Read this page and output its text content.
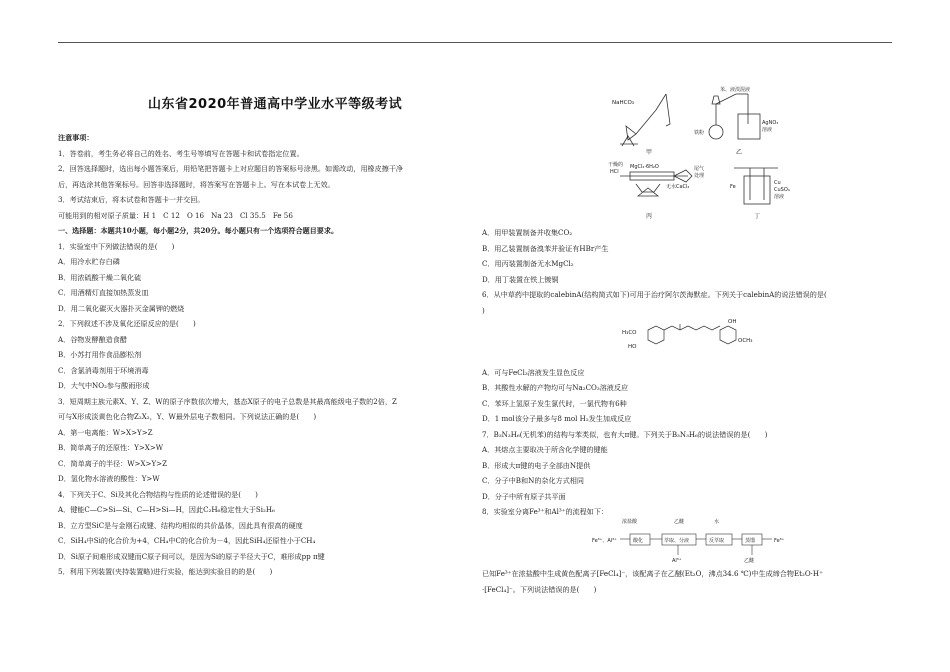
山东省2020年普通高中学业水平等级考试
注意事项：
1．答卷前，考生务必将自己的姓名、考生号等填写在答题卡和试卷指定位置。
2．回答选择题时，选出每小题答案后，用铅笔把答题卡上对应题目的答案标号涂黑。如需改动，用橡皮擦干净
后，再选涂其他答案标号。回答非选择题时，将答案写在答题卡上。写在本试卷上无效。
3．考试结束后，将本试卷和答题卡一并交回。
可能用到的相对原子质量：H 1　C 12　O 16　Na 23　Cl 35.5　Fe 56
一、选择题：本题共10小题，每小题2分，共20分。每小题只有一个选项符合题目要求。
1．实验室中下列做法错误的是(　　)
A．用冷水贮存白磷
B．用浓硫酸干燥二氧化硫
C．用酒精灯直接加热蒸发皿
D．用二氧化碳灭火器扑灭金属钾的燃烧
2．下列叙述不涉及氧化还原反应的是(　　)
A．谷物发酵酿造食醋
B．小苏打用作食品膨松剂
C．含氯消毒剂用于环境消毒
D．大气中NO₂参与酸雨形成
3．短周期主族元素X、Y、Z、W的原子序数依次增大，基态X原子的电子总数是其最高能级电子数的2倍，Z
可与X形成淡黄色化合物Z₂X₂，Y、W最外层电子数相同。下列说法正确的是(　　)
A．第一电离能：W>X>Y>Z
B．简单离子的还原性：Y>X>W
C．简单离子的半径：W>X>Y>Z
D．氢化物水溶液的酸性：Y>W
4．下列关于C、Si及其化合物结构与性质的论述错误的是(　　)
A．键能C—C>Si—Si、C—H>Si—H，因此C₂H₆稳定性大于Si₂H₆
B．立方型SiC是与金刚石成键、结构均相似的共价晶体，因此具有很高的硬度
C．SiH₄中Si的化合价为+4，CH₄中C的化合价为－4，因此SiH₄还原性小于CH₄
D．Si原子间难形成双键而C原子间可以，是因为Si的原子半径大于C，难形成pp π键
5．利用下列装置(夹持装置略)进行实验，能达到实验目的的是(　　)
A．用甲装置制备并收集CO₂
B．用乙装置制备溴苯并验证有HBr产生
C．用丙装置制备无水MgCl₂
D．用丁装置在铁上镀铜
6．从中草药中提取的calebinA(结构简式如下)可用于治疗阿尔茨海默症。下列关于calebinA的说法错误的是(
)

A．可与FeCl₃溶液发生显色反应
B．其酸性水解的产物均可与Na₂CO₃溶液反应
C．苯环上氢原子发生氯代时，一氯代物有6种
D．1 mol该分子最多与8 mol H₂发生加成反应
7．B₃N₃H₆(无机苯)的结构与苯类似，也有大π键。下列关于B₃N₃H₆的说法错误的是(　　)
A．其熔点主要取决于所含化学键的键能
B．形成大π键的电子全部由N提供
C．分子中B和N的杂化方式相同
D．分子中所有原子共平面
8．实验室分离Fe³⁺和Al³⁺的流程如下：

已知Fe³⁺在浓盐酸中生成黄色配离子[FeCl₄]⁻，该配离子在乙醚(Et₂O，沸点34.6 ℃)中生成缔合物Et₂O·H⁺
·[FeCl₄]⁻。下列说法错误的是(　　)
NaHCO₃
甲
苯、液溴混液
铁粉
AgNO₃
溶液
乙
干燥的
HCl
MgCl₂·6H₂O	尾气
处理
无水CaCl₂
丙
Fe
Cu
CuSO₄
溶液
丁
H₃CO
HO
OH
OCH₃
Fe³⁺、Al³⁺
浓盐酸	乙醚	水
酸化	萃取、分液	反萃取	蒸馏	Fe³⁺
Al³⁺	乙醚
